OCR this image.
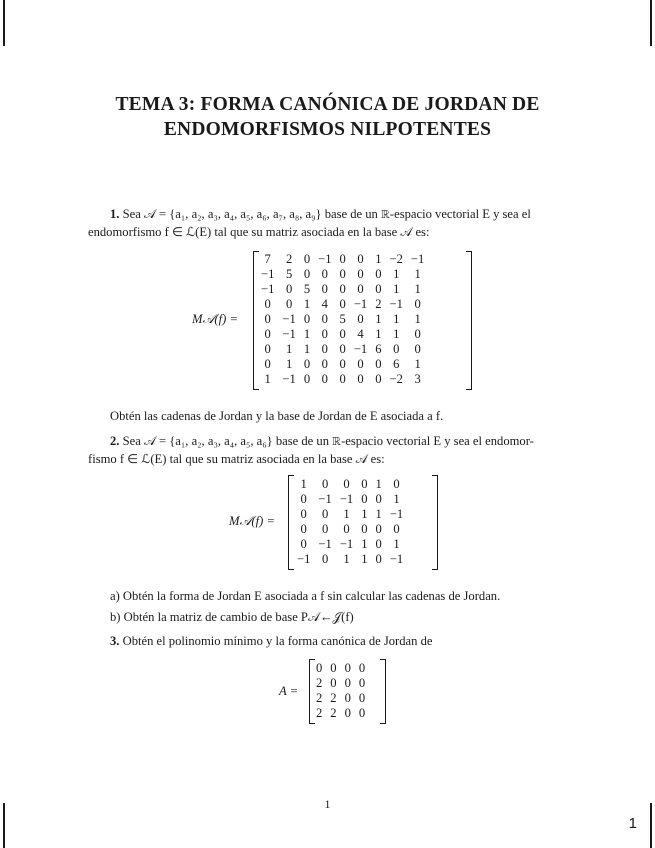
TEMA 3: FORMA CANÓNICA DE JORDAN DE
ENDOMORFISMOS NILPOTENTES
1. Sea 𝒜 = {a₁, a₂, a₃, a₄, a₅, a₆, a₇, a₈, a₉} base de un ℝ-espacio vectorial E y sea el
endomorfismo f ∈ ℒ(E) tal que su matriz asociada en la base 𝒜 es:
M𝒜(f) =
7	2	0	−1	0	0	1	−2	−1
−1	5	0	0	0	0	0	1	1
−1	0	5	0	0	0	0	1	1
0	0	1	4	0	−1	2	−1	0
0	−1	0	0	5	0	1	1	1
0	−1	1	0	0	4	1	1	0
0	1	1	0	0	−1	6	0	0
0	1	0	0	0	0	0	6	1
1	−1	0	0	0	0	0	−2	3
Obtén las cadenas de Jordan y la base de Jordan de E asociada a f.
2. Sea 𝒜 = {a₁, a₂, a₃, a₄, a₅, a₆} base de un ℝ-espacio vectorial E y sea el endomor-
fismo f ∈ ℒ(E) tal que su matriz asociada en la base 𝒜 es:
M𝒜(f) =
1	0	0	0	1	0
0	−1	−1	0	0	1
0	0	1	1	1	−1
0	0	0	0	0	0
0	−1	−1	1	0	1
−1	0	1	1	0	−1
a) Obtén la forma de Jordan E asociada a f sin calcular las cadenas de Jordan.
b) Obtén la matriz de cambio de base P𝒜←𝒥(f)
3. Obtén el polinomio mínimo y la forma canónica de Jordan de
A =
0	0	0	0
2	0	0	0
2	2	0	0
2	2	0	0
1
1
